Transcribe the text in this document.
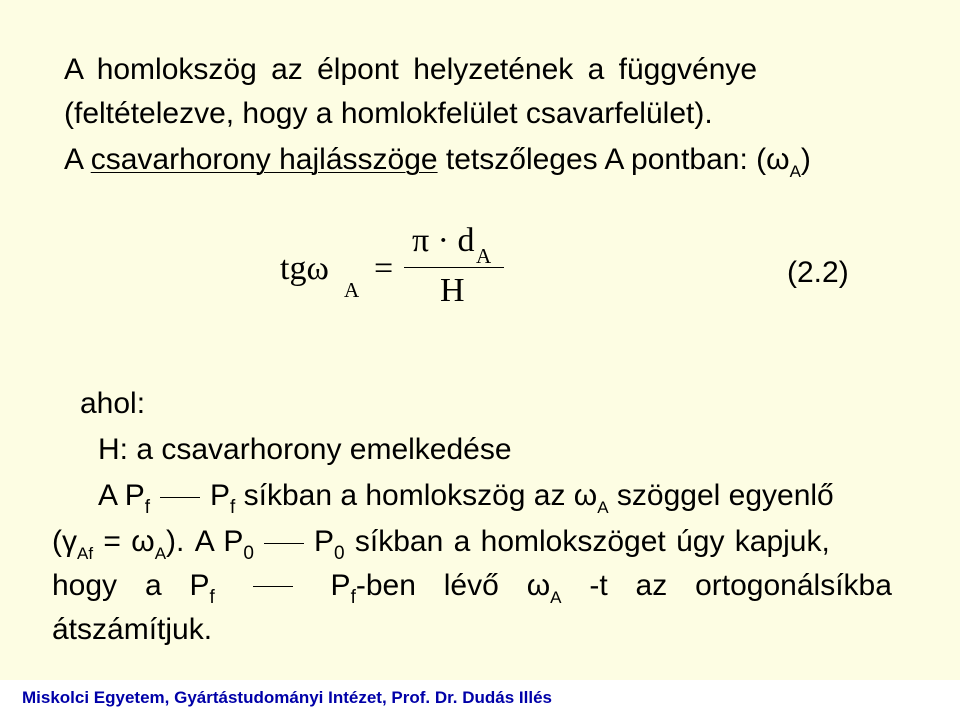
A homlokszög az élpont helyzetének a függvénye
(feltételezve, hogy a homlokfelület csavarfelület).
A csavarhorony hajlásszöge tetszőleges A pontban: $(\omega_A)$
tgω
A
=
π · d A
H	(2.2)
ahol:
H: a csavarhorony emelkedése
A $P_f$ $P_f$ síkban a homlokszög az $\omega_A$ szöggel egyenlő
$(\gamma_{Af} = \omega_A)$. A $P_0$ $P_0$ síkban a homlokszöget úgy kapjuk,
hogy a $P_f$	$P_f$-ben lévő $\omega_A$ -t az ortogonálsíkba
átszámítjuk.
Miskolci Egyetem, Gyártástudományi Intézet, Prof. Dr. Dudás Illés
